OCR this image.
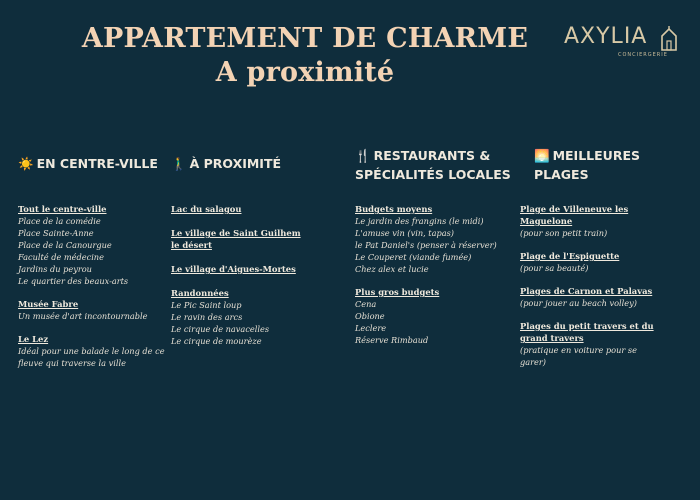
APPARTEMENT DE CHARME
A proximité
AXYLIA
CONCIERGERIE

☀️ EN CENTRE-VILLE

Tout le centre-ville
Place de la comédie
Place Sainte-Anne
Place de la Canourgue
Faculté de médecine
Jardins du peyrou
Le quartier des beaux-arts
Musée Fabre
Un musée d'art incontournable
Le Lez
Idéal pour une balade le long de ce
fleuve qui traverse la ville

🚶‍♂️ À PROXIMITÉ

Lac du salagou
Le village de Saint Guilhem le désert
Le village d'Aigues-Mortes
Randonnées
Le Pic Saint loup
Le ravin des arcs
Le cirque de navacelles
Le cirque de mourèze

🍴 RESTAURANTS & SPÉCIALITÉS LOCALES

Budgets moyens
Le jardin des frangins (le midi)
L'amuse vin (vin, tapas)
le Pat Daniel's (penser à réserver)
Le Couperet (viande fumée)
Chez alex et lucie
Plus gros budgets
Cena
Obione
Leclere
Réserve Rimbaud

🌅 MEILLEURES PLAGES

Plage de Villeneuve les Maguelone
(pour son petit train)
Plage de l'Espiguette
(pour sa beauté)
Plages de Carnon et Palavas
(pour jouer au beach volley)
Plages du petit travers et du grand travers
(pratique en voiture pour se garer)
